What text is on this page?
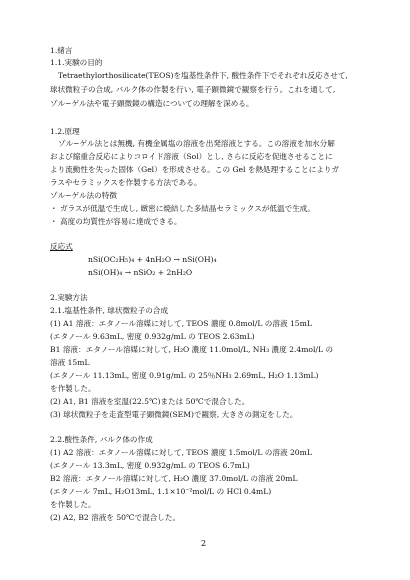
1.緒言
1.1.実験の目的
Tetraethylorthosilicate(TEOS)を塩基性条件下, 酸性条件下でそれぞれ反応させて,
球状微粒子の合成, バルク体の作製を行い, 電子顕微鏡で観察を行う。これを通して,
ゾル−ゲル法や電子顕微鏡の構造についての理解を深める。
1.2.原理
ゾル−ゲル法とは無機, 有機金属塩の溶液を出発溶液とする。この溶液を加水分解
および縮重合反応によりコロイド溶液（Sol）とし, さらに反応を促進させることに
より流動性を失った固体（Gel）を形成させる。この Gel を熱処理することによりガ
ラスやセラミックスを作製する方法である。
ゾル−ゲル法の特徴
・ ガラスが低温で生成し, 緻密に焼結した多結晶セラミックスが低温で生成。
・ 高度の均質性が容易に達成できる。
反応式
nSi(OC₂H₅)₄ + 4nH₂O → nSi(OH)₄
nSi(OH)₄ → nSiO₂ + 2nH₂O
2.実験方法
2.1.塩基性条件, 球状微粒子の合成
(1) A1 溶液：エタノール溶媒に対して, TEOS 濃度 0.8mol/L の溶液 15mL
(エタノール 9.63mL, 密度 0.932g/mL の TEOS 2.63mL)
B1 溶液：エタノール溶媒に対して, H₂O 濃度 11.0mol/L, NH₃ 濃度 2.4mol/L の
溶液 15mL
(エタノール 11.13mL, 密度 0.91g/mL の 25％NH₃ 2.69mL, H₂O 1.13mL)
を作製した。
(2) A1, B1 溶液を室温(22.5℃)または 50℃で混合した。
(3) 球状微粒子を走査型電子顕微鏡(SEM)で観察, 大きさの測定をした。
2.2.酸性条件, バルク体の作成
(1) A2 溶液：エタノール溶媒に対して, TEOS 濃度 1.5mol/L の溶液 20mL
(エタノール 13.3mL, 密度 0.932g/mL の TEOS 6.7mL)
B2 溶液：エタノール溶媒に対して, H₂O 濃度 37.0mol/L の溶液 20mL
(エタノール 7mL, H₂O13mL, 1.1×10⁻²mol/L の HCl 0.4mL)
を作製した。
(2) A2, B2 溶液を 50℃で混合した。
2
